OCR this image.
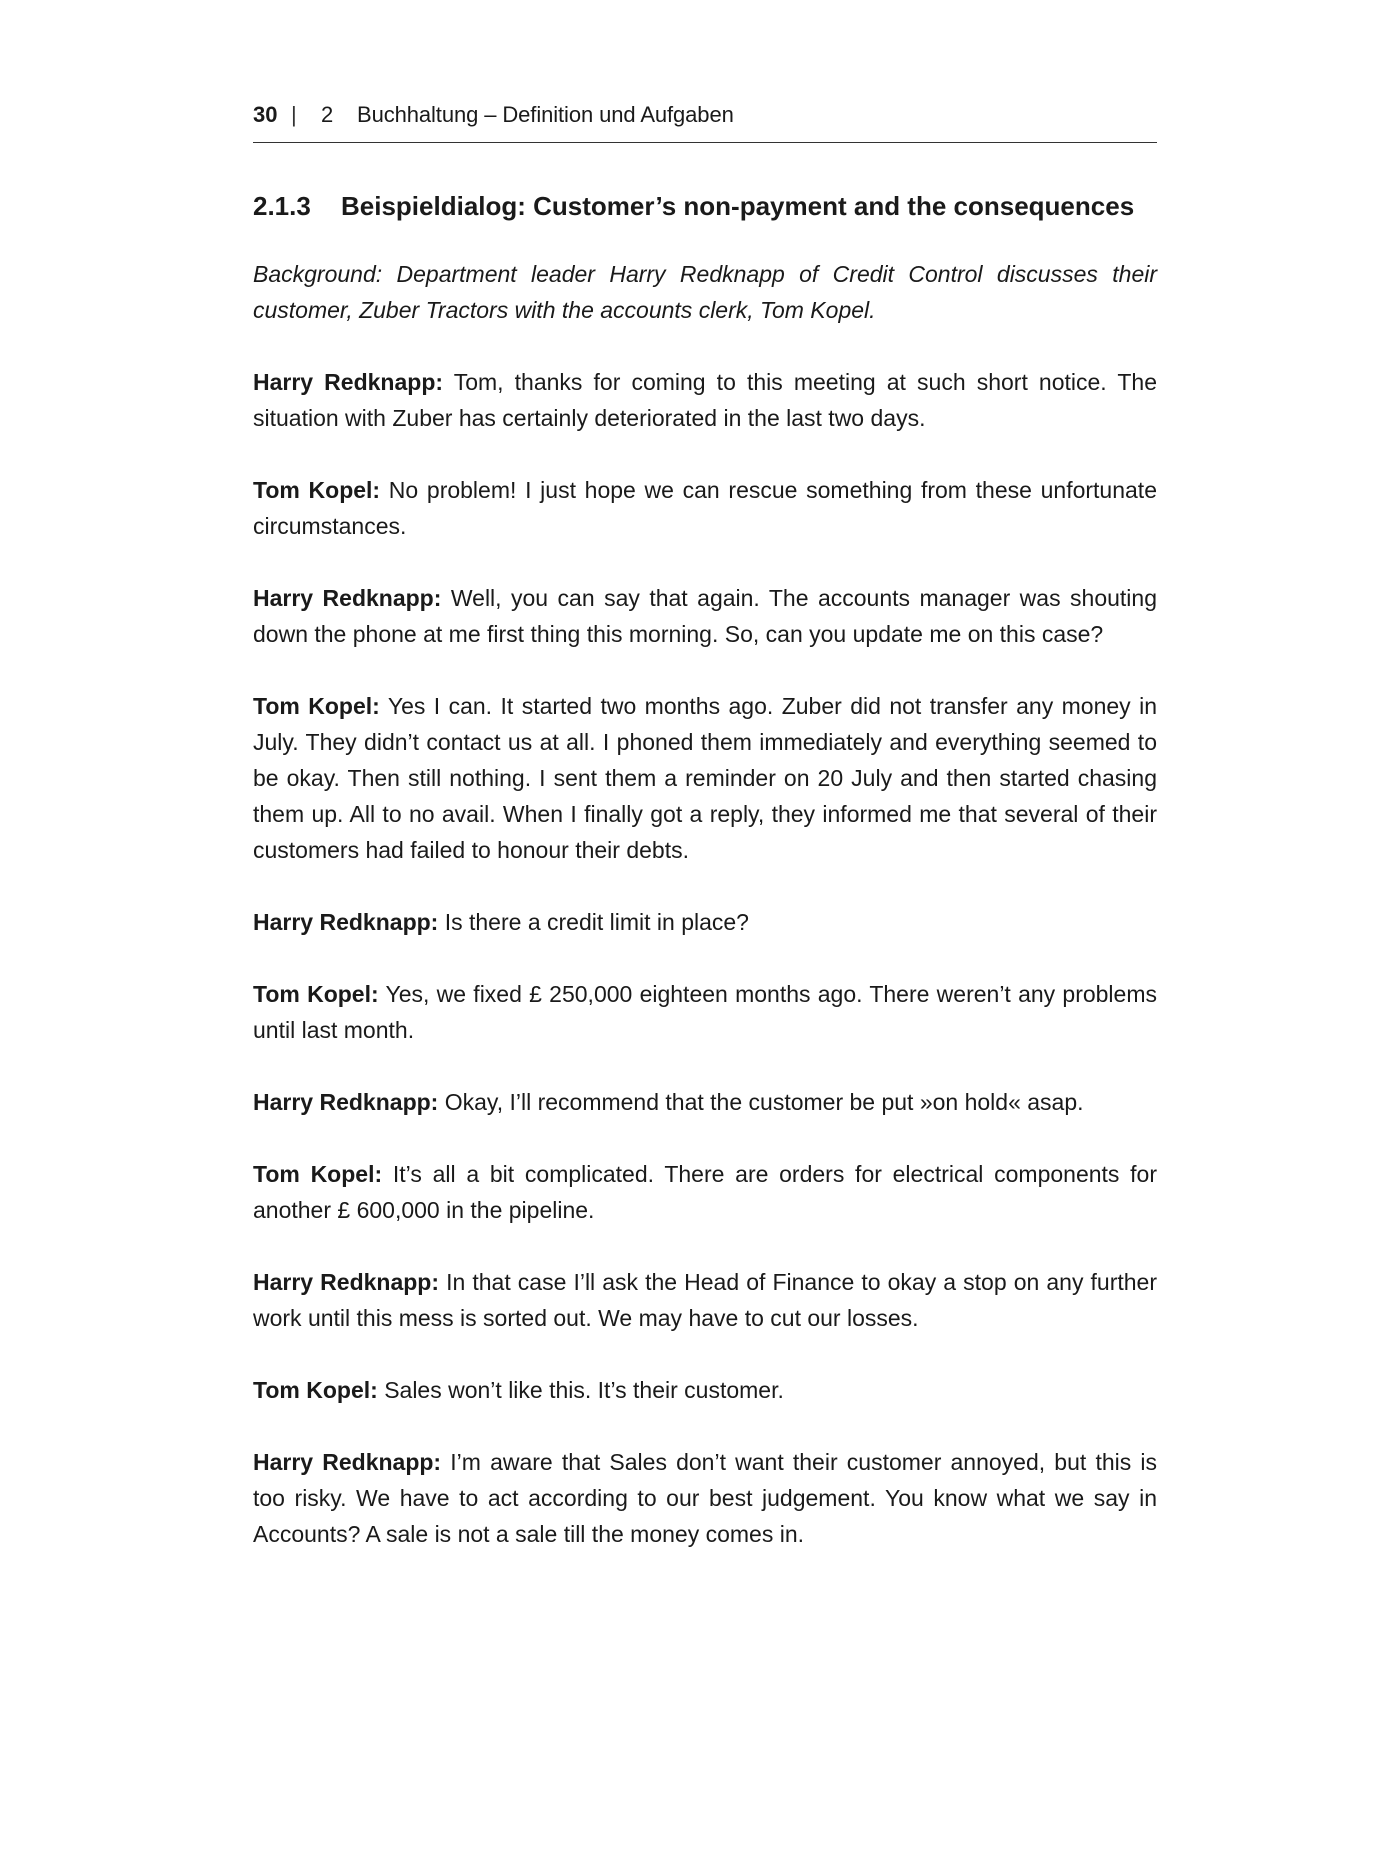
30 |	2	Buchhaltung – Definition und Aufgaben
2.1.3	Beispieldialog: Customer’s non-payment and the consequences

Background: Department leader Harry Redknapp of Credit Control discusses their customer, Zuber Tractors with the accounts clerk, Tom Kopel.

Harry Redknapp: Tom, thanks for coming to this meeting at such short notice. The situation with Zuber has certainly deteriorated in the last two days.
Tom Kopel: No problem! I just hope we can rescue something from these unfortunate circumstances.
Harry Redknapp: Well, you can say that again. The accounts manager was shouting down the phone at me first thing this morning. So, can you update me on this case?
Tom Kopel: Yes I can. It started two months ago. Zuber did not transfer any money in July. They didn’t contact us at all. I phoned them immediately and everything seemed to be okay. Then still nothing. I sent them a reminder on 20 July and then started chasing them up. All to no avail. When I finally got a reply, they informed me that several of their customers had failed to honour their debts.
Harry Redknapp: Is there a credit limit in place?
Tom Kopel: Yes, we fixed £ 250,000 eighteen months ago. There weren’t any problems until last month.
Harry Redknapp: Okay, I’ll recommend that the customer be put »on hold« asap.
Tom Kopel: It’s all a bit complicated. There are orders for electrical components for another £ 600,000 in the pipeline.
Harry Redknapp: In that case I’ll ask the Head of Finance to okay a stop on any further work until this mess is sorted out. We may have to cut our losses.
Tom Kopel: Sales won’t like this. It’s their customer.
Harry Redknapp: I’m aware that Sales don’t want their customer annoyed, but this is too risky. We have to act according to our best judgement. You know what we say in Accounts? A sale is not a sale till the money comes in.
